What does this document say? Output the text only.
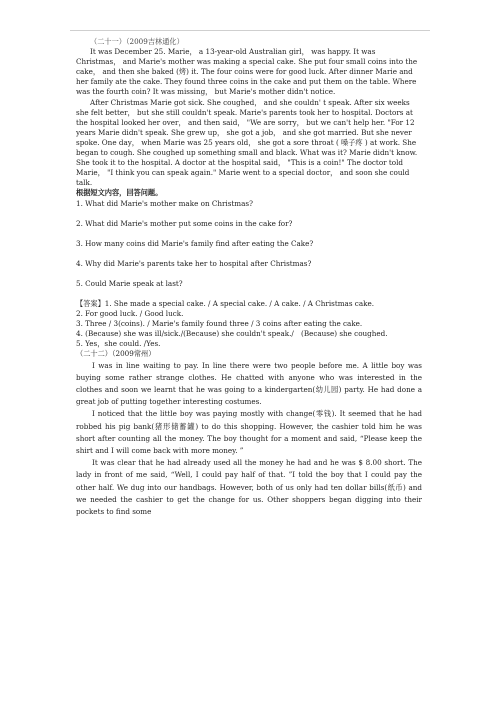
（二十一）（2009吉林通化）

It was December 25. Marie， a 13-year-old Australian girl， was happy. It was Christmas， and Marie's mother was making a special cake. She put four small coins into the cake， and then she baked (烤) it. The four coins were for good luck. After dinner Marie and her family ate the cake. They found three coins in the cake and put them on the table. Where was the fourth coin? It was missing， but Marie's mother didn't notice.

After Christmas Marie got sick. She coughed， and she couldn' t speak. After six weeks she felt better， but she still couldn't speak. Marie's parents took her to hospital. Doctors at the hospital looked her over， and then said， "We are sorry， but we can't help her. "For 12 years Marie didn't speak. She grew up， she got a job， and she got married. But she never spoke. One day， when Marie was 25 years old， she got a sore throat ( 嗓子疼 ) at work. She began to cough. She coughed up something small and black. What was it? Marie didn't know. She took it to the hospital. A doctor at the hospital said， "This is a coin!" The doctor told Marie， "I think you can speak again." Marie went to a special doctor， and soon she could talk.

根据短文内容，回答问题。

1. What did Marie's mother make on Christmas?

2. What did Marie's mother put some coins in the cake for?

3. How many coins did Marie's family find after eating the Cake?

4. Why did Marie's parents take her to hospital after Christmas?

5. Could Marie speak at last?

【答案】1. She made a special cake. / A special cake. / A cake. / A Christmas cake.

2. For good luck. / Good luck.

3. Three / 3(coins). / Marie's family found three / 3 coins after eating the cake.

4. (Because) she was ill/sick./(Because) she couldn't speak./　(Because) she coughed.

5. Yes，she could. /Yes.

（二十二）（2009常州）

I was in line waiting to pay. In line there were two people before me. A little boy was buying some rather strange clothes. He chatted with anyone who was interested in the clothes and soon we learnt that he was going to a kindergarten(幼儿园) party. He had done a great job of putting together interesting costumes.

I noticed that the little boy was paying mostly with change(零钱). It seemed that he had robbed his pig bank(猪形储蓄罐) to do this shopping. However, the cashier told him he was short after counting all the money. The boy thought for a moment and said, “Please keep the shirt and I will come back with more money. ”

It was clear that he had already used all the money he had and he was $ 8.00 short. The lady in front of me said, “Well, I could pay half of that. ”I told the boy that I could pay the other half. We dug into our handbags. However, both of us only had ten dollar bills(纸币) and we needed the cashier to get the change for us. Other shoppers began digging into their pockets to find some
